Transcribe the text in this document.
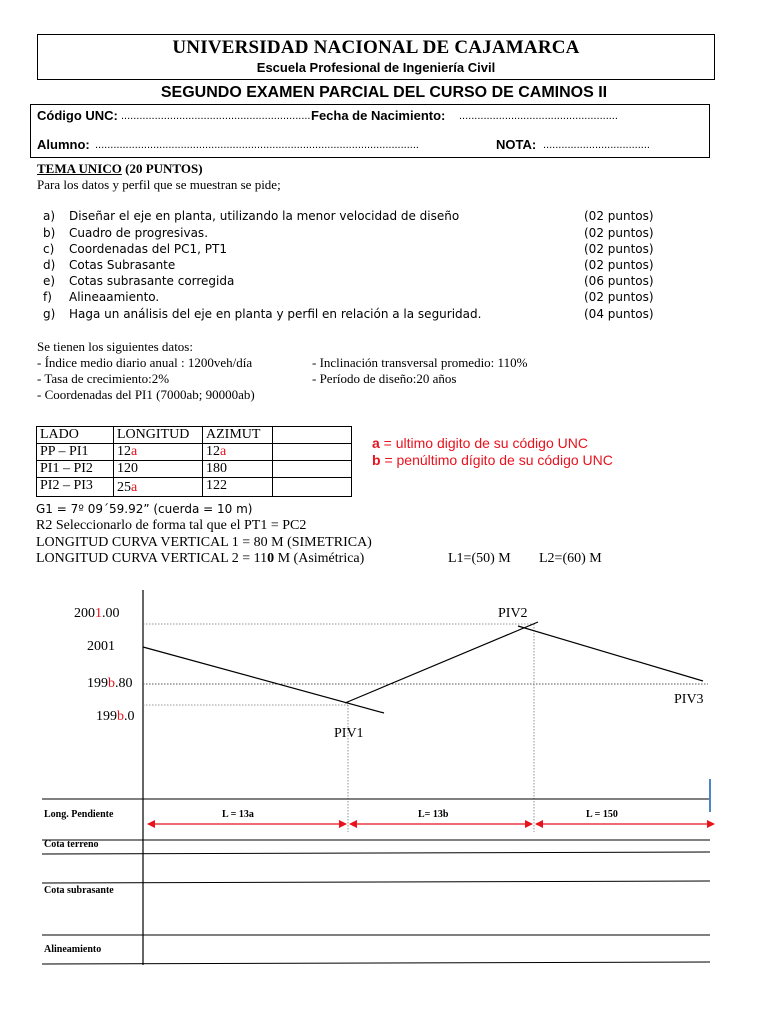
UNIVERSIDAD NACIONAL DE CAJAMARCA
Escuela Profesional de Ingeniería Civil
SEGUNDO EXAMEN PARCIAL DEL CURSO DE CAMINOS II
Código UNC: .............................................................. Fecha de Nacimiento: ....................................................
Alumno: ..........................................................................................................	NOTA: ...................................
TEMA UNICO (20 PUNTOS)
Para los datos y perfil que se muestran se pide;
a) Diseñar el eje en planta, utilizando la menor velocidad de diseño	(02 puntos)
b) Cuadro de progresivas.	(02 puntos)
c) Coordenadas del PC1, PT1	(02 puntos)
d) Cotas Subrasante	(02 puntos)
e) Cotas subrasante corregida	(06 puntos)
f) Alineaamiento.	(02 puntos)
g) Haga un análisis del eje en planta y perfil en relación a la seguridad.	(04 puntos)
Se tienen los siguientes datos:
- Índice medio diario anual : 1200veh/día	- Inclinación transversal promedio: 110%
- Tasa de crecimiento:2%	- Período de diseño:20 años
- Coordenadas del PI1 (7000ab; 90000ab)
LADO	LONGITUD	AZIMUT	
PP – PI1	12a	12a	
PI1 – PI2	120	180	
PI2 – PI3	25a	122	
a = ultimo digito de su código UNC
b = penúltimo dígito de su código UNC
G1 = 7º 09´59.92” (cuerda = 10 m)
R2 Seleccionarlo de forma tal que el PT1 = PC2
LONGITUD CURVA VERTICAL 1 = 80 M (SIMETRICA)
LONGITUD CURVA VERTICAL 2 = 110 M (Asimétrica)	L1=(50) M L2=(60) M
2001.00
2001
199b.80
199b.0
PIV1
PIV2
PIV3
Long. Pendiente
Cota terreno
Cota subrasante
Alineamiento
L = 13a	L= 13b	L = 150
